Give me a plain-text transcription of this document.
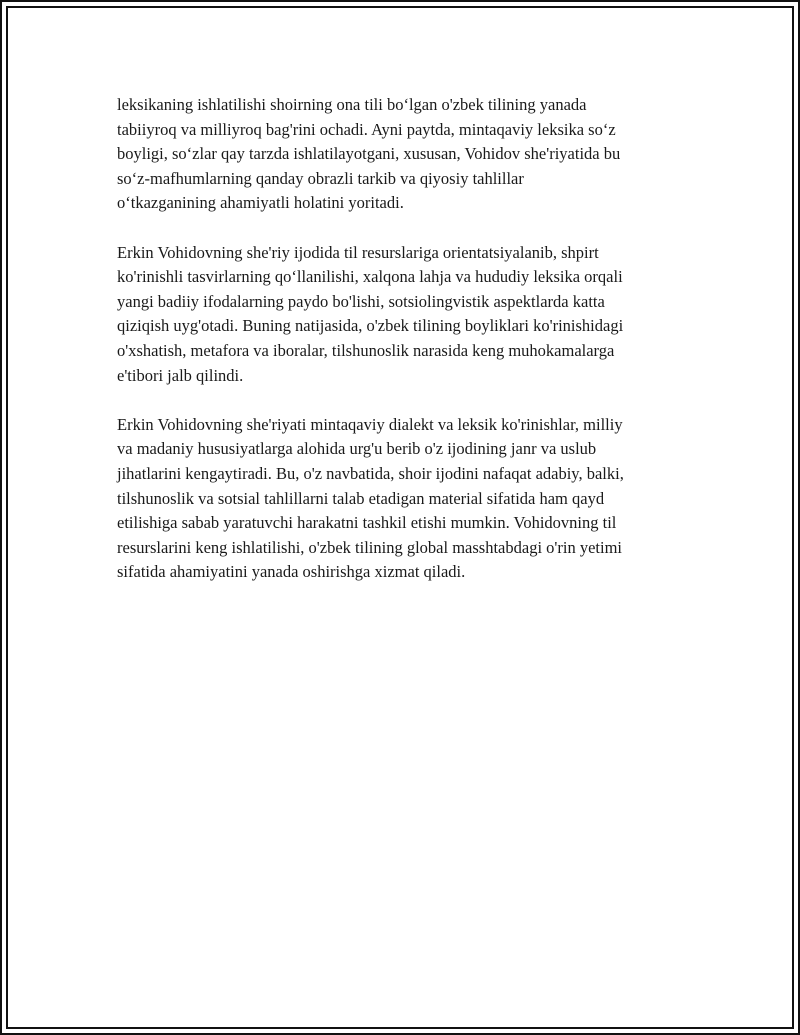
leksikaning ishlatilishi shoirning ona tili bo‘lgan o'zbek tilining yanada
tabiiyroq va milliyroq bag'rini ochadi. Ayni paytda, mintaqaviy leksika so‘z
boyligi, so‘zlar qay tarzda ishlatilayotgani, xususan, Vohidov she'riyatida bu
so‘z-mafhumlarning qanday obrazli tarkib va qiyosiy tahlillar
o‘tkazganining ahamiyatli holatini yoritadi.

Erkin Vohidovning she'riy ijodida til resurslariga orientatsiyalanib, shpirt
ko'rinishli tasvirlarning qo‘llanilishi, xalqona lahja va hududiy leksika orqali
yangi badiiy ifodalarning paydo bo'lishi, sotsiolingvistik aspektlarda katta
qiziqish uyg'otadi. Buning natijasida, o'zbek tilining boyliklari ko'rinishidagi
o'xshatish, metafora va iboralar, tilshunoslik narasida keng muhokamalarga
e'tibori jalb qilindi.

Erkin Vohidovning she'riyati mintaqaviy dialekt va leksik ko'rinishlar, milliy
va madaniy hususiyatlarga alohida urg'u berib o'z ijodining janr va uslub
jihatlarini kengaytiradi. Bu, o'z navbatida, shoir ijodini nafaqat adabiy, balki,
tilshunoslik va sotsial tahlillarni talab etadigan material sifatida ham qayd
etilishiga sabab yaratuvchi harakatni tashkil etishi mumkin. Vohidovning til
resurslarini keng ishlatilishi, o'zbek tilining global masshtabdagi o'rin yetimi
sifatida ahamiyatini yanada oshirishga xizmat qiladi.
